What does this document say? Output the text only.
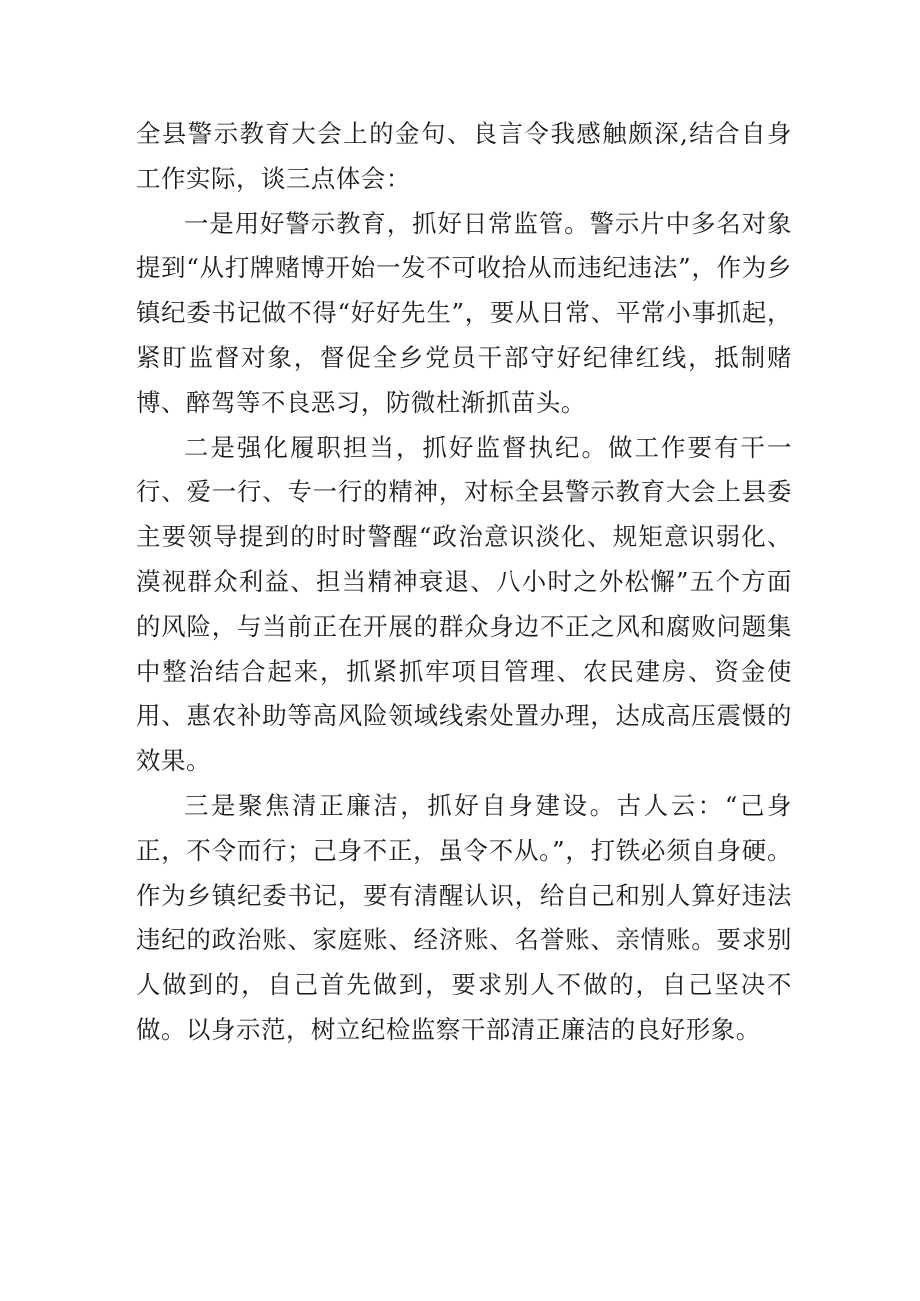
全县警示教育大会上的金句、良言令我感触颇深,结合自身工作实际，谈三点体会：

一是用好警示教育，抓好日常监管。警示片中多名对象提到“从打牌赌博开始一发不可收拾从而违纪违法”，作为乡镇纪委书记做不得“好好先生”，要从日常、平常小事抓起，紧盯监督对象，督促全乡党员干部守好纪律红线，抵制赌博、醉驾等不良恶习，防微杜渐抓苗头。

二是强化履职担当，抓好监督执纪。做工作要有干一行、爱一行、专一行的精神，对标全县警示教育大会上县委主要领导提到的时时警醒“政治意识淡化、规矩意识弱化、漠视群众利益、担当精神衰退、八小时之外松懈”五个方面的风险，与当前正在开展的群众身边不正之风和腐败问题集中整治结合起来，抓紧抓牢项目管理、农民建房、资金使用、惠农补助等高风险领域线索处置办理，达成高压震慑的效果。

三是聚焦清正廉洁，抓好自身建设。古人云：“己身正，不令而行；己身不正，虽令不从。”，打铁必须自身硬。作为乡镇纪委书记，要有清醒认识，给自己和别人算好违法违纪的政治账、家庭账、经济账、名誉账、亲情账。要求别人做到的，自己首先做到，要求别人不做的，自己坚决不做。以身示范，树立纪检监察干部清正廉洁的良好形象。
